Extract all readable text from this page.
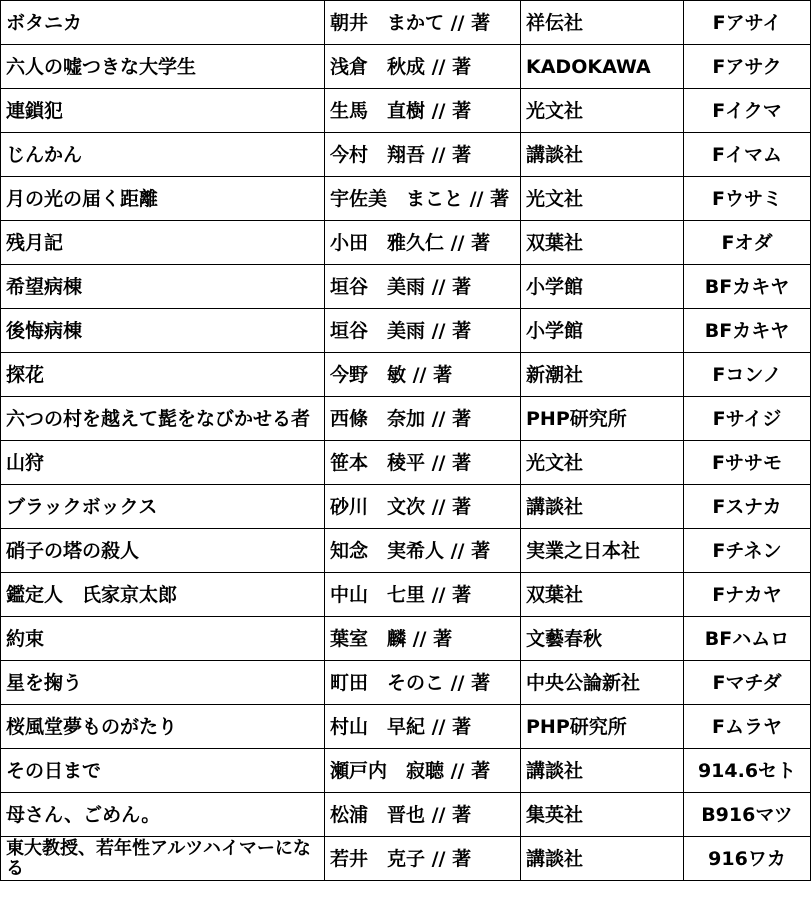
ボタニカ	朝井　まかて // 著	祥伝社	Fアサイ
六人の嘘つきな大学生	浅倉　秋成 // 著	KADOKAWA	Fアサク
連鎖犯	生馬　直樹 // 著	光文社	Fイクマ
じんかん	今村　翔吾 // 著	講談社	Fイマム
月の光の届く距離	宇佐美　まこと // 著	光文社	Fウサミ
残月記	小田　雅久仁 // 著	双葉社	Fオダ
希望病棟	垣谷　美雨 // 著	小学館	BFカキヤ
後悔病棟	垣谷　美雨 // 著	小学館	BFカキヤ
探花	今野　敏 // 著	新潮社	Fコンノ
六つの村を越えて髭をなびかせる者	西條　奈加 // 著	PHP研究所	Fサイジ
山狩	笹本　稜平 // 著	光文社	Fササモ
ブラックボックス	砂川　文次 // 著	講談社	Fスナカ
硝子の塔の殺人	知念　実希人 // 著	実業之日本社	Fチネン
鑑定人　氏家京太郎	中山　七里 // 著	双葉社	Fナカヤ
約束	葉室　麟 // 著	文藝春秋	BFハムロ
星を掬う	町田　そのこ // 著	中央公論新社	Fマチダ
桜風堂夢ものがたり	村山　早紀 // 著	PHP研究所	Fムラヤ
その日まで	瀬戸内　寂聴 // 著	講談社	914.6セト
母さん、ごめん。	松浦　晋也 // 著	集英社	B916マツ
東大教授、若年性アルツハイマーになる	若井　克子 // 著	講談社	916ワカ
